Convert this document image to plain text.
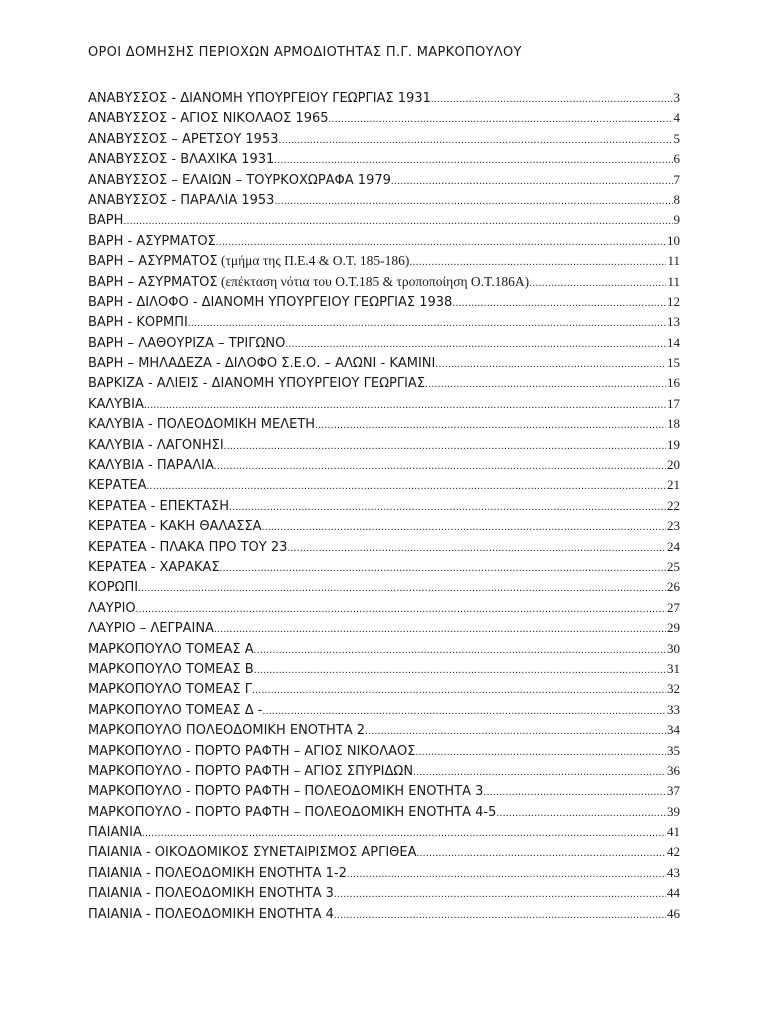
ΟΡΟΙ ΔΟΜΗΣΗΣ ΠΕΡΙΟΧΩΝ ΑΡΜΟΔΙΟΤΗΤΑΣ Π.Γ. ΜΑΡΚΟΠΟΥΛΟΥ
ΑΝΑΒΥΣΣΟΣ - ΔΙΑΝΟΜΗ ΥΠΟΥΡΓΕΙΟΥ ΓΕΩΡΓΙΑΣ 1931 .....	3
ΑΝΑΒΥΣΣΟΣ - ΑΓΙΟΣ ΝΙΚΟΛΑΟΣ 1965 .....	4
ΑΝΑΒΥΣΣΟΣ – ΑΡΕΤΣΟΥ 1953 .....	5
ΑΝΑΒΥΣΣΟΣ - ΒΛΑΧΙΚΑ 1931 .....	6
ΑΝΑΒΥΣΣΟΣ – ΕΛΑΙΩΝ – ΤΟΥΡΚΟΧΩΡΑΦΑ 1979 .....	7
ΑΝΑΒΥΣΣΟΣ - ΠΑΡΑΛΙΑ 1953 .....	8
ΒΑΡΗ .....	9
ΒΑΡΗ - ΑΣΥΡΜΑΤΟΣ .....	10
ΒΑΡΗ – ΑΣΥΡΜΑΤΟΣ (τμήμα της Π.Ε.4 & Ο.Τ. 185-186) .....	11
ΒΑΡΗ – ΑΣΥΡΜΑΤΟΣ (επέκταση νότια του Ο.Τ.185 & τροποποίηση Ο.Τ.186Α) .....	11
ΒΑΡΗ - ΔΙΛΟΦΟ - ΔΙΑΝΟΜΗ ΥΠΟΥΡΓΕΙΟΥ ΓΕΩΡΓΙΑΣ 1938 .....	12
ΒΑΡΗ - ΚΟΡΜΠΙ .....	13
ΒΑΡΗ – ΛΑΘΟΥΡΙΖΑ – ΤΡΙΓΩΝΟ .....	14
ΒΑΡΗ – ΜΗΛΑΔΕΖΑ - ΔΙΛΟΦΟ Σ.Ε.Ο. – ΑΛΩΝΙ - ΚΑΜΙΝΙ .....	15
ΒΑΡΚΙΖΑ - ΑΛΙΕΙΣ - ΔΙΑΝΟΜΗ ΥΠΟΥΡΓΕΙΟΥ ΓΕΩΡΓΙΑΣ .....	16
ΚΑΛΥΒΙΑ .....	17
ΚΑΛΥΒΙΑ - ΠΟΛΕΟΔΟΜΙΚΗ ΜΕΛΕΤΗ .....	18
ΚΑΛΥΒΙΑ - ΛΑΓΟΝΗΣΙ .....	19
ΚΑΛΥΒΙΑ - ΠΑΡΑΛΙΑ .....	20
ΚΕΡΑΤΕΑ .....	21
ΚΕΡΑΤΕΑ - ΕΠΕΚΤΑΣΗ .....	22
ΚΕΡΑΤΕΑ - ΚΑΚΗ ΘΑΛΑΣΣΑ .....	23
ΚΕΡΑΤΕΑ - ΠΛΑΚΑ ΠΡΟ ΤΟΥ 23 .....	24
ΚΕΡΑΤΕΑ - ΧΑΡΑΚΑΣ .....	25
ΚΟΡΩΠΙ .....	26
ΛΑΥΡΙΟ .....	27
ΛΑΥΡΙΟ – ΛΕΓΡΑΙΝΑ .....	29
ΜΑΡΚΟΠΟΥΛΟ ΤΟΜΕΑΣ Α .....	30
ΜΑΡΚΟΠΟΥΛΟ ΤΟΜΕΑΣ Β .....	31
ΜΑΡΚΟΠΟΥΛΟ ΤΟΜΕΑΣ Γ .....	32
ΜΑΡΚΟΠΟΥΛΟ ΤΟΜΕΑΣ Δ - .....	33
ΜΑΡΚΟΠΟΥΛΟ ΠΟΛΕΟΔΟΜΙΚΗ ΕΝΟΤΗΤΑ 2 .....	34
ΜΑΡΚΟΠΟΥΛΟ - ΠΟΡΤΟ ΡΑΦΤΗ – ΑΓΙΟΣ ΝΙΚΟΛΑΟΣ .....	35
ΜΑΡΚΟΠΟΥΛΟ - ΠΟΡΤΟ ΡΑΦΤΗ – ΑΓΙΟΣ ΣΠΥΡΙΔΩΝ .....	36
ΜΑΡΚΟΠΟΥΛΟ - ΠΟΡΤΟ ΡΑΦΤΗ – ΠΟΛΕΟΔΟΜΙΚΗ ΕΝΟΤΗΤΑ 3 .....	37
ΜΑΡΚΟΠΟΥΛΟ - ΠΟΡΤΟ ΡΑΦΤΗ – ΠΟΛΕΟΔΟΜΙΚΗ ΕΝΟΤΗΤΑ 4-5 .....	39
ΠΑΙΑΝΙΑ .....	41
ΠΑΙΑΝΙΑ - ΟΙΚΟΔΟΜΙΚΟΣ ΣΥΝΕΤΑΙΡΙΣΜΟΣ ΑΡΓΙΘΕΑ .....	42
ΠΑΙΑΝΙΑ - ΠΟΛΕΟΔΟΜΙΚΗ ΕΝΟΤΗΤΑ 1-2 .....	43
ΠΑΙΑΝΙΑ - ΠΟΛΕΟΔΟΜΙΚΗ ΕΝΟΤΗΤΑ 3 .....	44
ΠΑΙΑΝΙΑ - ΠΟΛΕΟΔΟΜΙΚΗ ΕΝΟΤΗΤΑ 4 .....	46
